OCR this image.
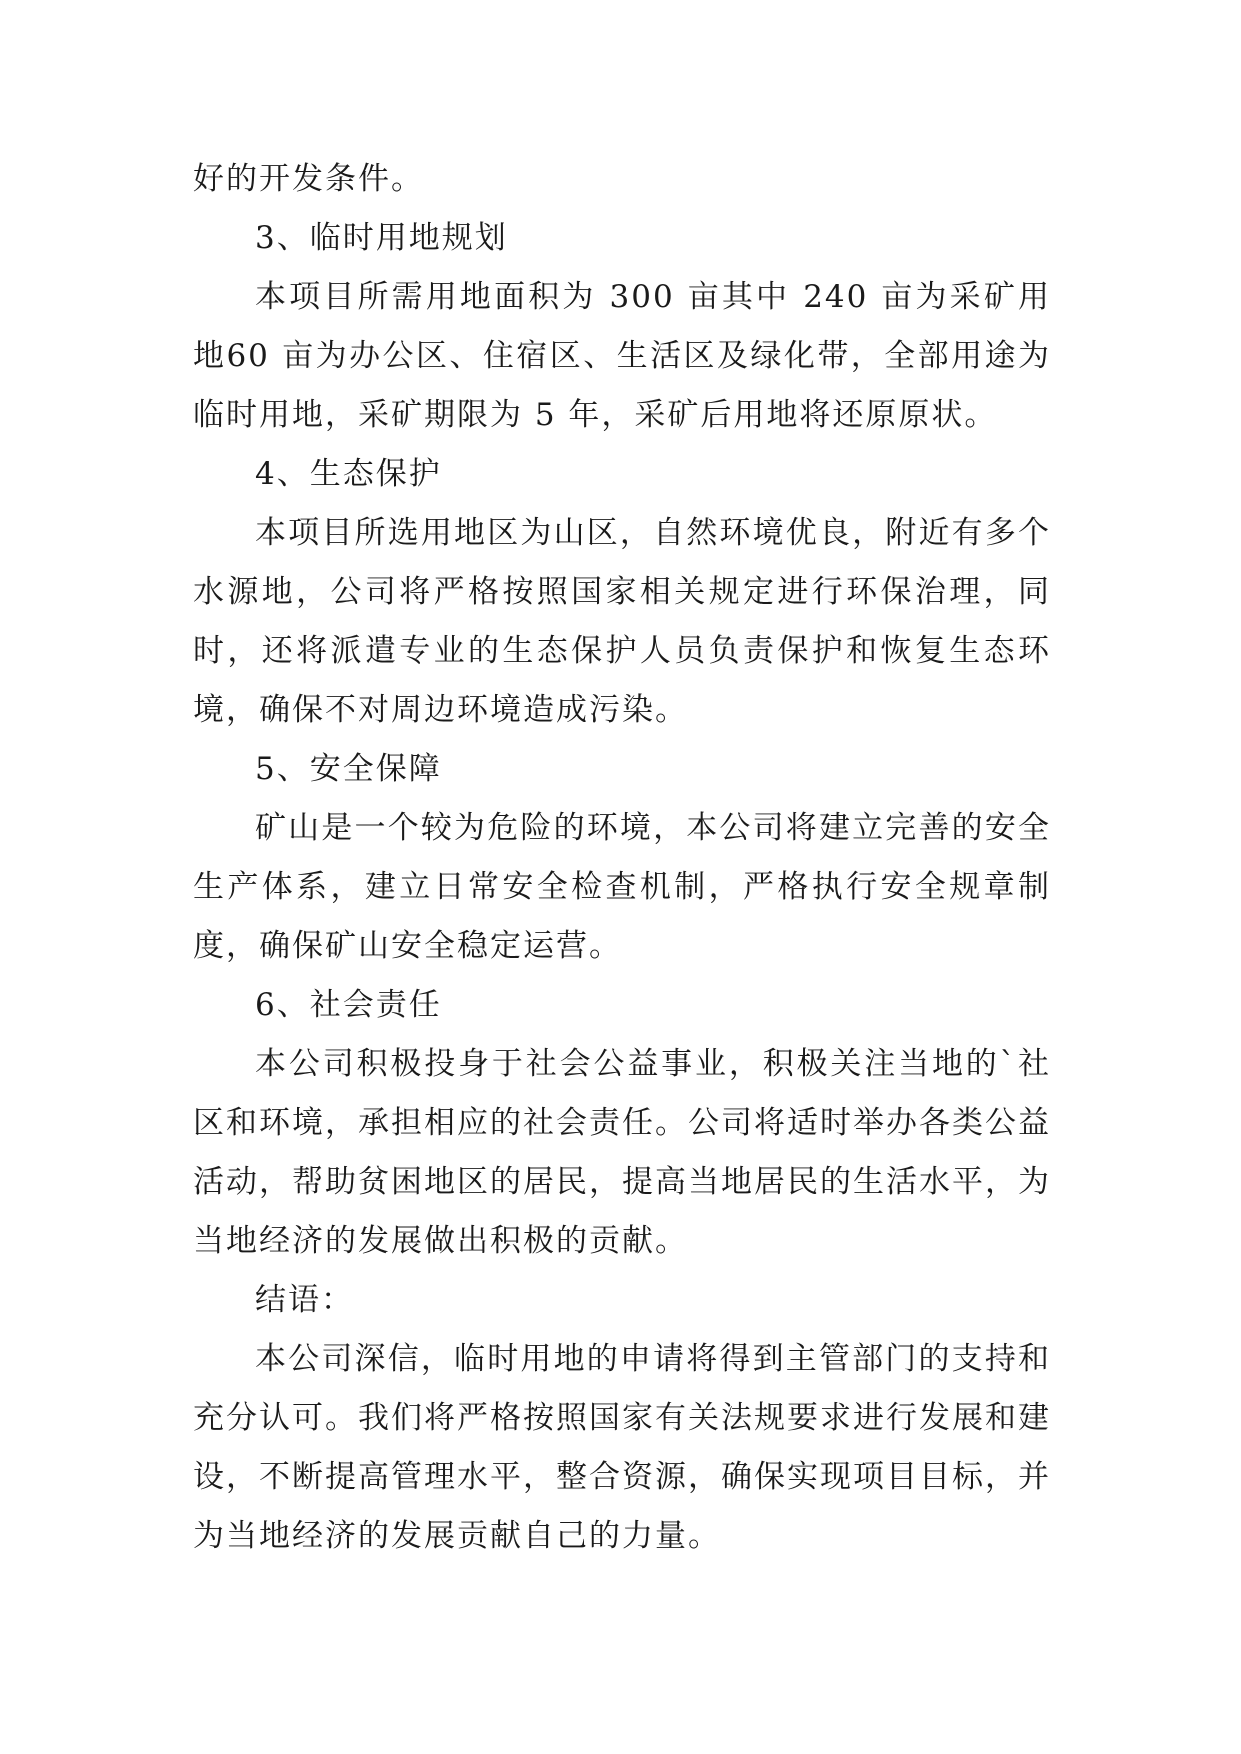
好的开发条件。

3、临时用地规划

本项目所需用地面积为 300 亩其中 240 亩为采矿用地60 亩为办公区、住宿区、生活区及绿化带，全部用途为临时用地，采矿期限为 5 年，采矿后用地将还原原状。

4、生态保护

本项目所选用地区为山区，自然环境优良，附近有多个水源地，公司将严格按照国家相关规定进行环保治理，同时，还将派遣专业的生态保护人员负责保护和恢复生态环境，确保不对周边环境造成污染。

5、安全保障

矿山是一个较为危险的环境，本公司将建立完善的安全生产体系，建立日常安全检查机制，严格执行安全规章制度，确保矿山安全稳定运营。

6、社会责任

本公司积极投身于社会公益事业，积极关注当地的`社区和环境，承担相应的社会责任。公司将适时举办各类公益活动，帮助贫困地区的居民，提高当地居民的生活水平，为当地经济的发展做出积极的贡献。

结语：

本公司深信，临时用地的申请将得到主管部门的支持和充分认可。我们将严格按照国家有关法规要求进行发展和建设，不断提高管理水平，整合资源，确保实现项目目标，并为当地经济的发展贡献自己的力量。
